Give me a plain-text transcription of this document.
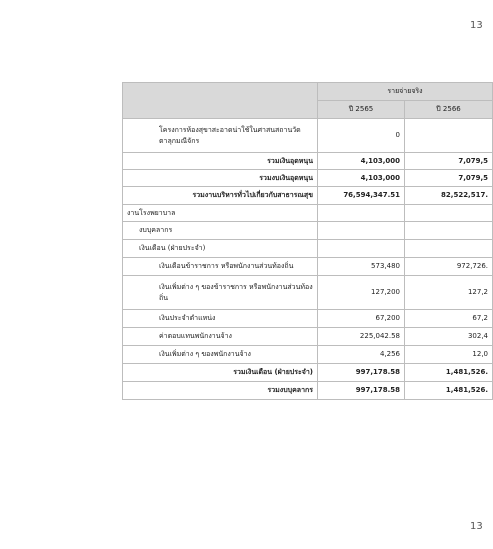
13
	รายจ่ายจริง	
	ปี 2565	ปี 2566
โครงการห้องสุขาสะอาดน่าใช้ในศาสนสถานวัดตาลุกมณีจักร	0	
รวมเงินอุดหนุน	4,103,000	7,079,5
รวมงบเงินอุดหนุน	4,103,000	7,079,5
รวมงานบริหารทั่วไปเกี่ยวกับสาธารณสุข	76,594,347.51	82,522,517.
งานโรงพยาบาล		
งบบุคลากร		
เงินเดือน (ฝ่ายประจำ)		
เงินเดือนข้าราชการ หรือพนักงานส่วนท้องถิ่น	573,480	972,726.
เงินเพิ่มต่าง ๆ ของข้าราชการ หรือพนักงานส่วนท้องถิ่น	127,200	127,2
เงินประจำตำแหน่ง	67,200	67,2
ค่าตอบแทนพนักงานจ้าง	225,042.58	302,4
เงินเพิ่มต่าง ๆ ของพนักงานจ้าง	4,256	12,0
รวมเงินเดือน (ฝ่ายประจำ)	997,178.58	1,481,526.
รวมงบบุคลากร	997,178.58	1,481,526.
13
